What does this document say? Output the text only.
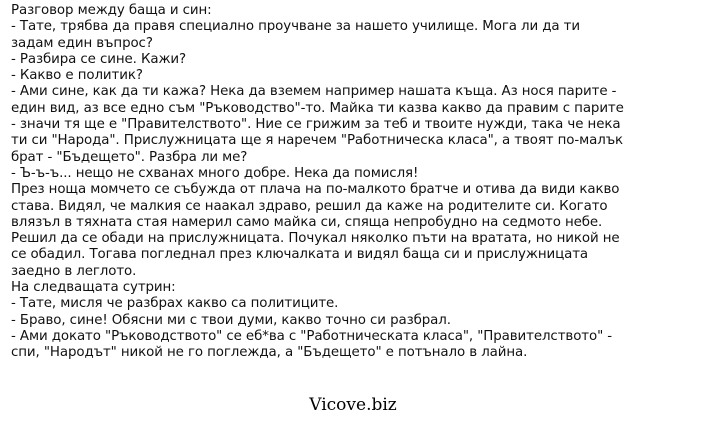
Разговор между баща и син:
- Тате, трябва да правя специално проучване за нашето училище. Мога ли да ти
задам един въпрос?
- Разбира се сине. Кажи?
- Какво е политик?
- Ами сине, как да ти кажа? Нека да вземем например нашата къща. Аз нося парите -
един вид, аз все едно съм "Ръководство"-то. Майка ти казва какво да правим с парите
- значи тя ще е "Правителството". Ние се грижим за теб и твоите нужди, така че нека
ти си "Народа". Прислужницата ще я наречем "Работническа класа", а твоят по-малък
брат - "Бъдещето". Разбра ли ме?
- Ъ-ъ-ъ... нещо не схванах много добре. Нека да помисля!
През ноща момчето се събужда от плача на по-малкото братче и отива да види какво
става. Видял, че малкия се наакал здраво, решил да каже на родителите си. Когато
влязъл в тяхната стая намерил само майка си, спяща непробудно на седмото небе.
Решил да се обади на прислужницата. Почукал няколко пъти на вратата, но никой не
се обадил. Тогава погледнал през ключалката и видял баща си и прислужницата
заедно в леглото.
На следващата сутрин:
- Тате, мисля че разбрах какво са политиците.
- Браво, сине! Обясни ми с твои думи, какво точно си разбрал.
- Ами докато "Ръководството" се еб*ва с "Работническата класа", "Правителството" -
спи, "Народът" никой не го поглежда, а "Бъдещето" е потънало в лайна.
Vicove.biz
